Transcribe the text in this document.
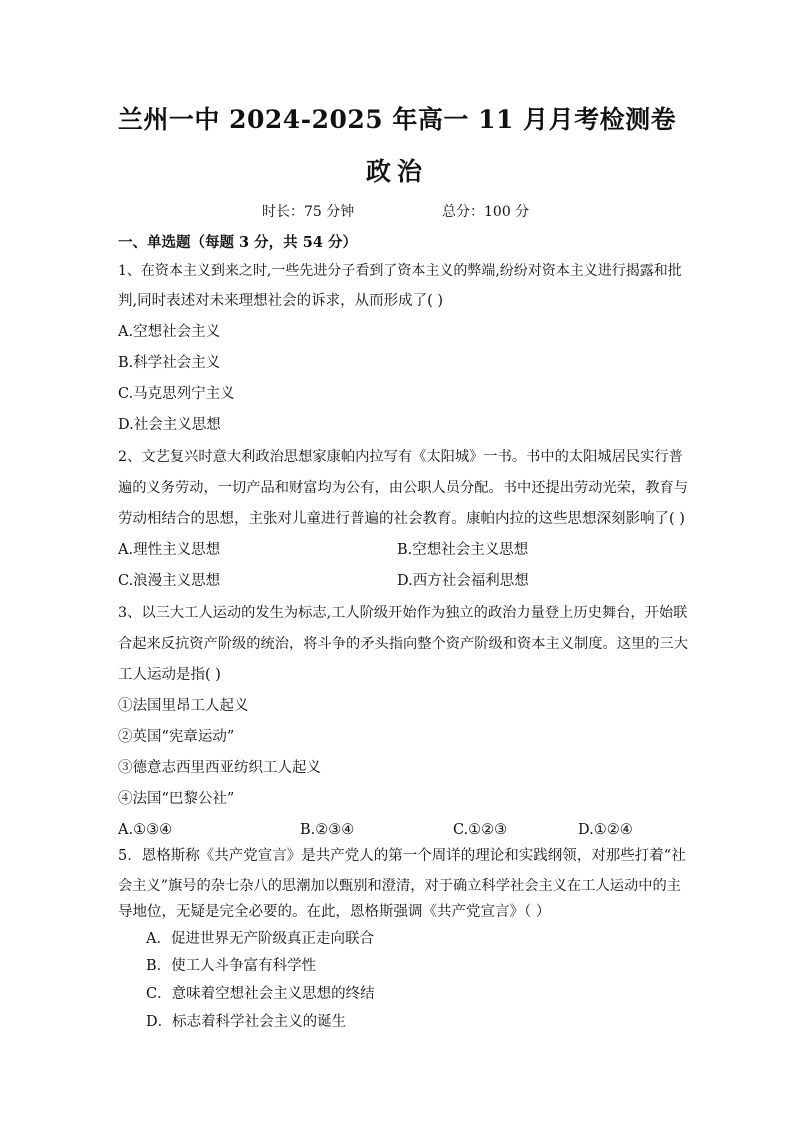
兰州一中 2024-2025 年高一 11 月月考检测卷
政治
时长：75 分钟	总分：100 分
一、单选题（每题 3 分，共 54 分）
1、在资本主义到来之时,一些先进分子看到了资本主义的弊端,纷纷对资本主义进行揭露和批
判,同时表述对未来理想社会的诉求，从而形成了( )
A.空想社会主义
B.科学社会主义
C.马克思列宁主义
D.社会主义思想
2、文艺复兴时意大利政治思想家康帕内拉写有《太阳城》一书。书中的太阳城居民实行普
遍的义务劳动，一切产品和财富均为公有，由公职人员分配。书中还提出劳动光荣，教育与
劳动相结合的思想，主张对儿童进行普遍的社会教育。康帕内拉的这些思想深刻影响了( )
A.理性主义思想	B.空想社会主义思想
C.浪漫主义思想	D.西方社会福利思想
3、以三大工人运动的发生为标志,工人阶级开始作为独立的政治力量登上历史舞台，开始联
合起来反抗资产阶级的统治，将斗争的矛头指向整个资产阶级和资本主义制度。这里的三大
工人运动是指( )
①法国里昂工人起义
②英国“宪章运动”
③德意志西里西亚纺织工人起义
④法国“巴黎公社”
A.①③④	B.②③④	C.①②③	D.①②④
5．恩格斯称《共产党宣言》是共产党人的第一个周详的理论和实践纲领，对那些打着“社
会主义”旗号的杂七杂八的思潮加以甄别和澄清，对于确立科学社会主义在工人运动中的主
导地位，无疑是完全必要的。在此，恩格斯强调《共产党宣言》（ ）
A．促进世界无产阶级真正走向联合
B．使工人斗争富有科学性
C．意味着空想社会主义思想的终结
D．标志着科学社会主义的诞生
